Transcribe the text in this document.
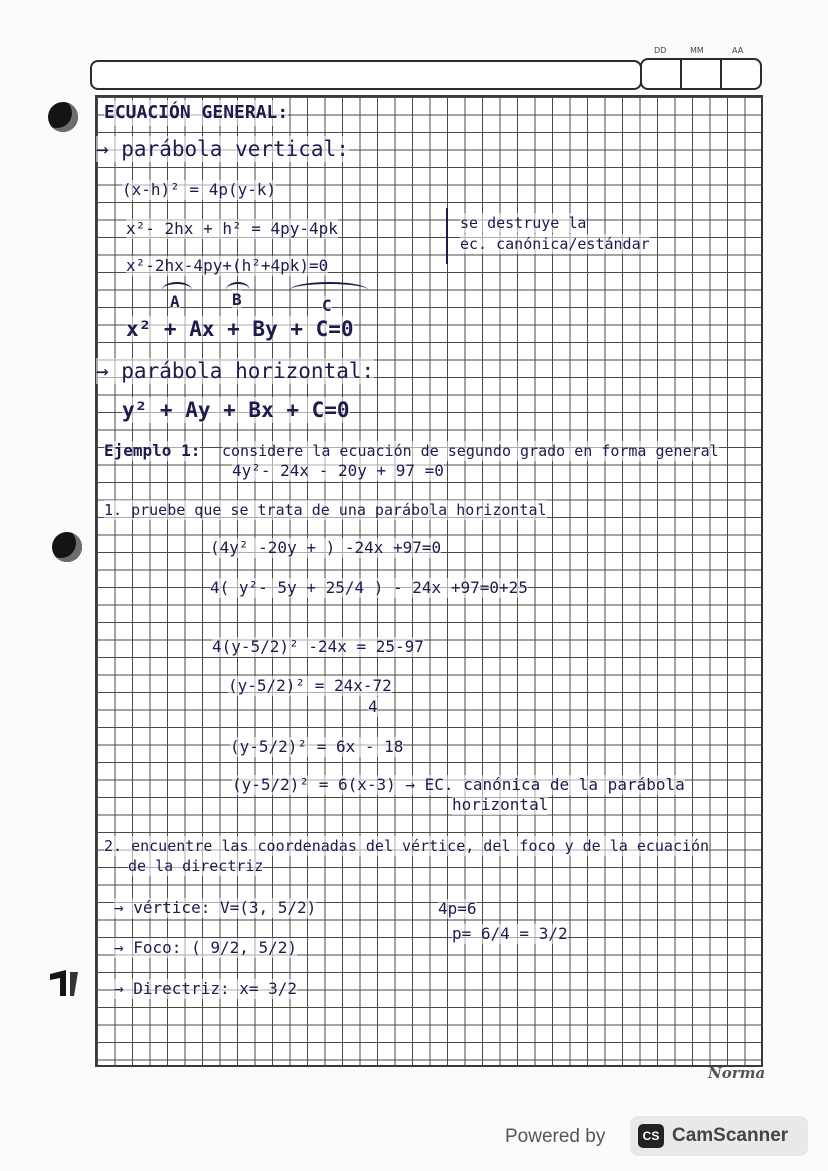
DD	MM	AA
ECUACIÓN GENERAL:
→ parábola vertical:
(x-h)² = 4p(y-k)
x²- 2hx + h² = 4py-4pk
x²-2hx-4py+(h²+4pk)=0
A	B	C
x² + Ax + By + C=0
se destruye la
ec. canónica/estándar
→ parábola horizontal:
y² + Ay + Bx + C=0
Ejemplo 1: considere la ecuación de segundo grado en forma general
4y²- 24x - 20y + 97 =0
1. pruebe que se trata de una parábola horizontal
(4y² -20y + ) -24x +97=0
4( y²- 5y + 25/4 ) - 24x +97=0+25
4(y-5/2)² -24x = 25-97
(y-5/2)² = 24x-72
4
(y-5/2)² = 6x - 18
(y-5/2)² = 6(x-3) → EC. canónica de la parábola
horizontal
2. encuentre las coordenadas del vértice, del foco y de la ecuación
de la directriz
→ vértice: V=(3, 5/2)
→ Foco: ( 9/2, 5/2)
→ Directriz: x= 3/2
4p=6
p= 6/4 = 3/2
Norma
Powered by	CS CamScanner
